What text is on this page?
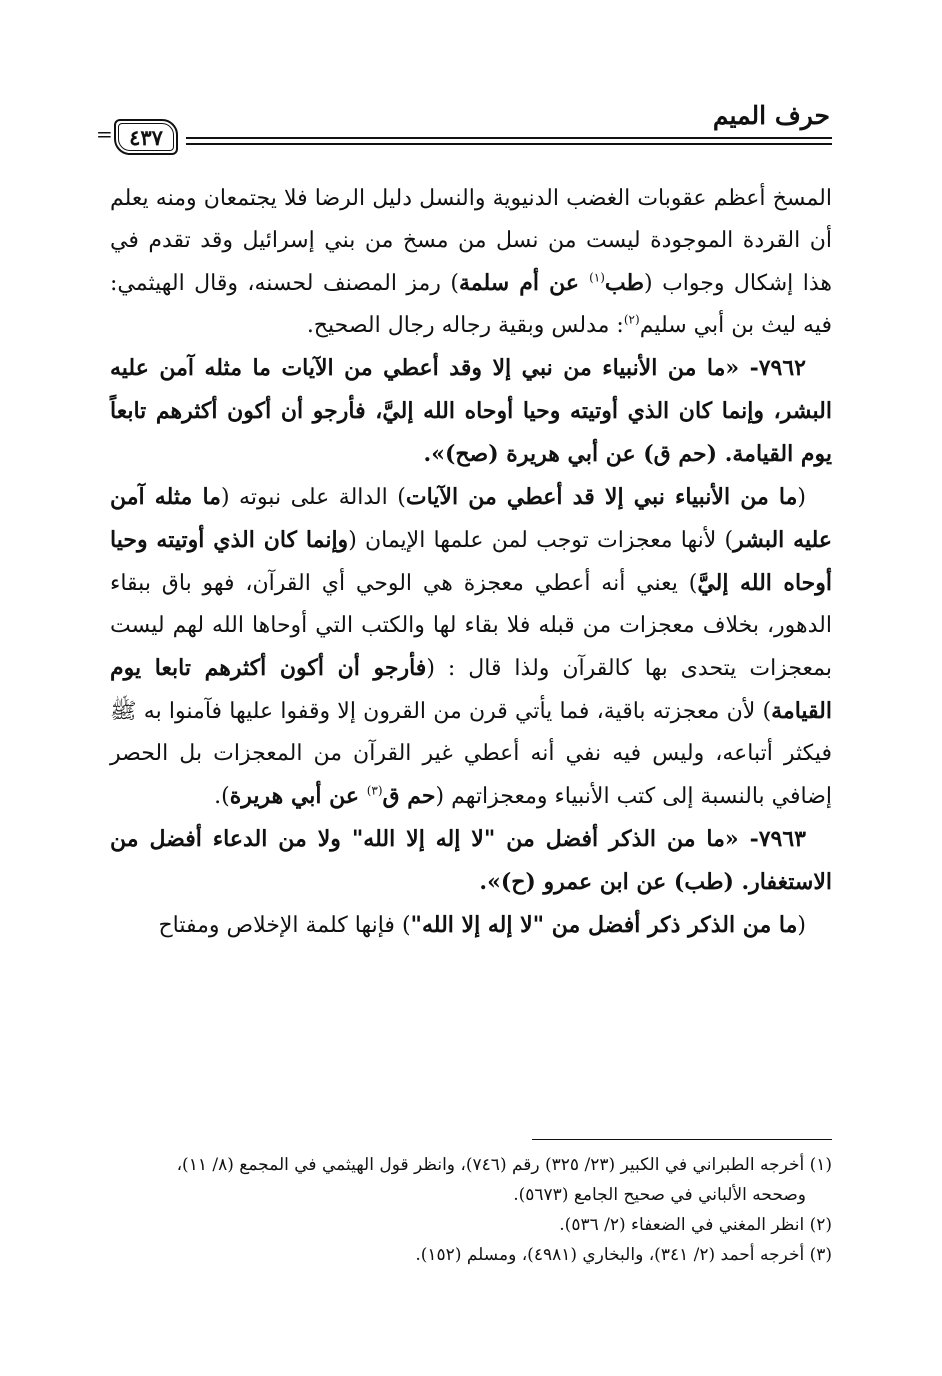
حرف الميم
٤٣٧
=

المسخ أعظم عقوبات الغضب الدنيوية والنسل دليل الرضا فلا يجتمعان ومنه يعلم أن القردة الموجودة ليست من نسل من مسخ من بني إسرائيل وقد تقدم في هذا إشكال وجواب (طب$^{(١)}$ عن أم سلمة) رمز المصنف لحسنه، وقال الهيثمي: فيه ليث بن أبي سليم$^{(٢)}$: مدلس وبقية رجاله رجال الصحيح.

٧٩٦٢- «ما من الأنبياء من نبي إلا وقد أعطي من الآيات ما مثله آمن عليه البشر، وإنما كان الذي أوتيته وحيا أوحاه الله إليَّ، فأرجو أن أكون أكثرهم تابعاً يوم القيامة. (حم ق) عن أبي هريرة (صح)».

(ما من الأنبياء نبي إلا قد أعطي من الآيات) الدالة على نبوته (ما مثله آمن عليه البشر) لأنها معجزات توجب لمن علمها الإيمان (وإنما كان الذي أوتيته وحيا أوحاه الله إليَّ) يعني أنه أعطي معجزة هي الوحي أي القرآن، فهو باق ببقاء الدهور، بخلاف معجزات من قبله فلا بقاء لها والكتب التي أوحاها الله لهم ليست بمعجزات يتحدى بها كالقرآن ولذا قال : (فأرجو أن أكون أكثرهم تابعا يوم القيامة) لأن معجزته باقية، فما يأتي قرن من القرون إلا وقفوا عليها فآمنوا به ﷺ فيكثر أتباعه، وليس فيه نفي أنه أعطي غير القرآن من المعجزات بل الحصر إضافي بالنسبة إلى كتب الأنبياء ومعجزاتهم (حم ق$^{(٣)}$ عن أبي هريرة).

٧٩٦٣- «ما من الذكر أفضل من "لا إله إلا الله" ولا من الدعاء أفضل من الاستغفار. (طب) عن ابن عمرو (ح)».

(ما من الذكر ذكر أفضل من "لا إله إلا الله") فإنها كلمة الإخلاص ومفتاح

(١) أخرجه الطبراني في الكبير (٢٣/ ٣٢٥) رقم (٧٤٦)، وانظر قول الهيثمي في المجمع (٨/ ١١)،
وصححه الألباني في صحيح الجامع (٥٦٧٣).
(٢) انظر المغني في الضعفاء (٢/ ٥٣٦).
(٣) أخرجه أحمد (٢/ ٣٤١)، والبخاري (٤٩٨١)، ومسلم (١٥٢).
